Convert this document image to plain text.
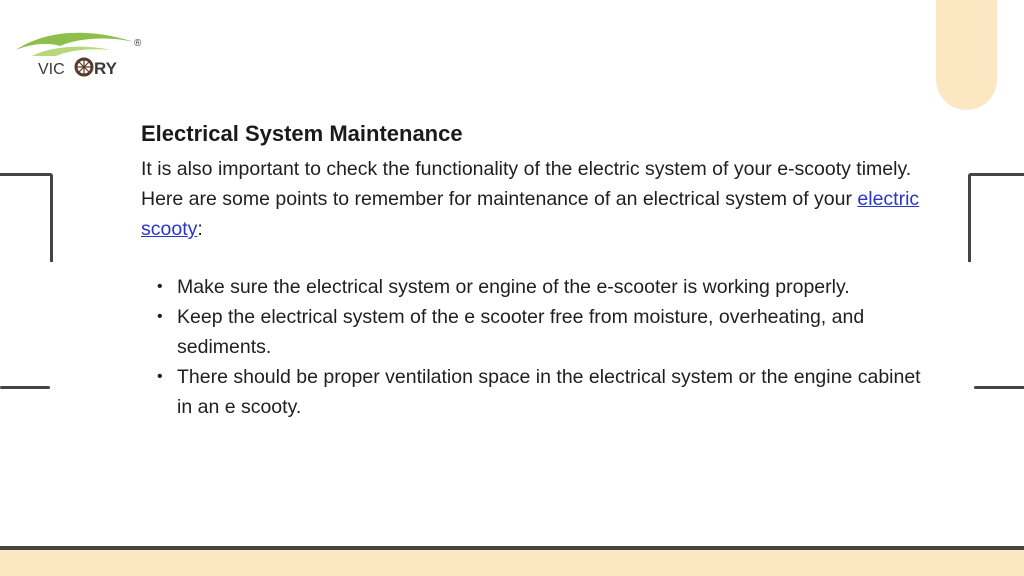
VIC RY
®
Electrical System Maintenance

It is also important to check the functionality of the electric system of your e-scooty timely. Here are some points to remember for maintenance of an electrical system of your electric scooty:

• Make sure the electrical system or engine of the e-scooter is working properly.
• Keep the electrical system of the e scooter free from moisture, overheating, and sediments.
• There should be proper ventilation space in the electrical system or the engine cabinet in an e scooty.
